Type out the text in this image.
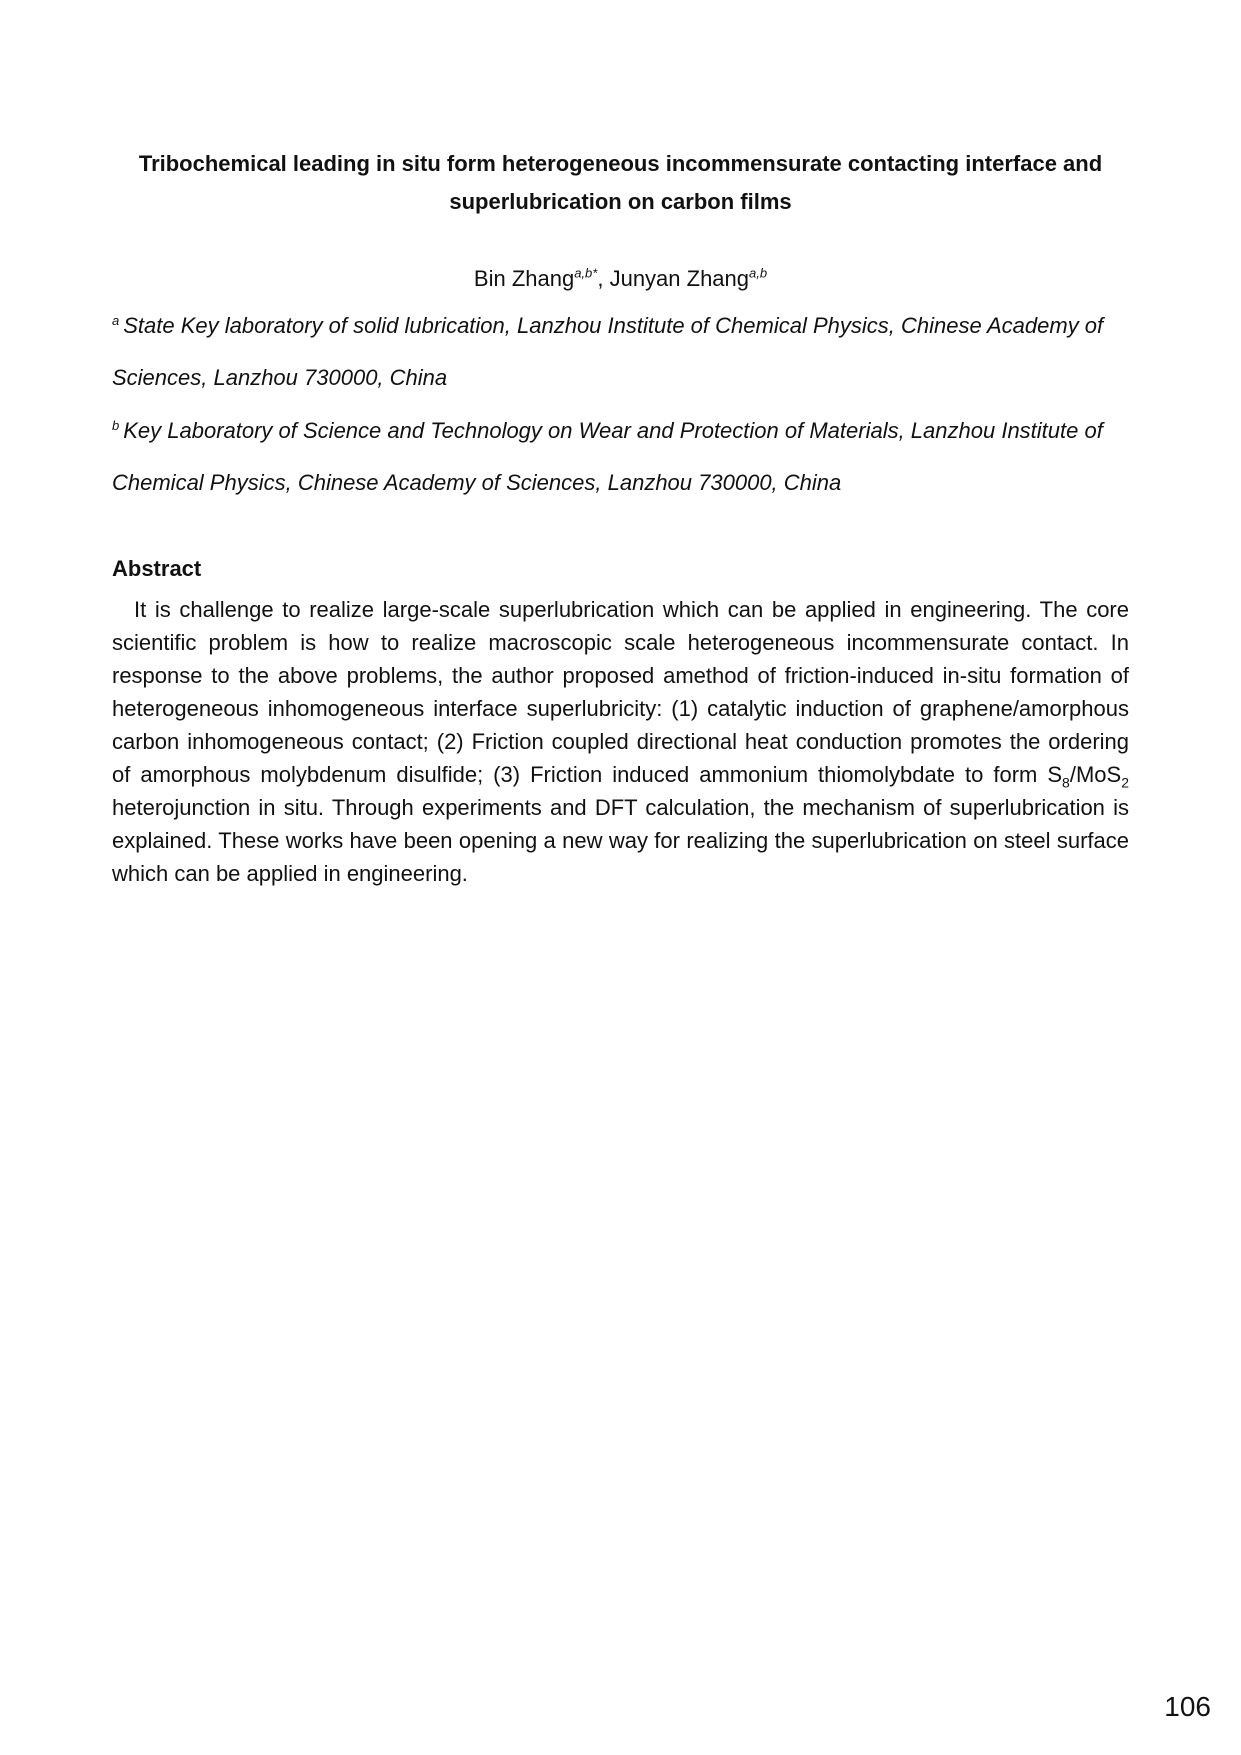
Tribochemical leading in situ form heterogeneous incommensurate contacting interface and superlubrication on carbon films
Bin Zhang$^{a,b*}$, Junyan Zhang$^{a,b}$
$^a$ State Key laboratory of solid lubrication, Lanzhou Institute of Chemical Physics, Chinese Academy of Sciences, Lanzhou 730000, China
$^b$ Key Laboratory of Science and Technology on Wear and Protection of Materials, Lanzhou Institute of Chemical Physics, Chinese Academy of Sciences, Lanzhou 730000, China
Abstract
It is challenge to realize large-scale superlubrication which can be applied in engineering. The core scientific problem is how to realize macroscopic scale heterogeneous incommensurate contact. In response to the above problems, the author proposed amethod of friction-induced in-situ formation of heterogeneous inhomogeneous interface superlubricity: (1) catalytic induction of graphene/amorphous carbon inhomogeneous contact; (2) Friction coupled directional heat conduction promotes the ordering of amorphous molybdenum disulfide; (3) Friction induced ammonium thiomolybdate to form $S_8/MoS_2$ heterojunction in situ. Through experiments and DFT calculation, the mechanism of superlubrication is explained. These works have been opening a new way for realizing the superlubrication on steel surface which can be applied in engineering.
106
